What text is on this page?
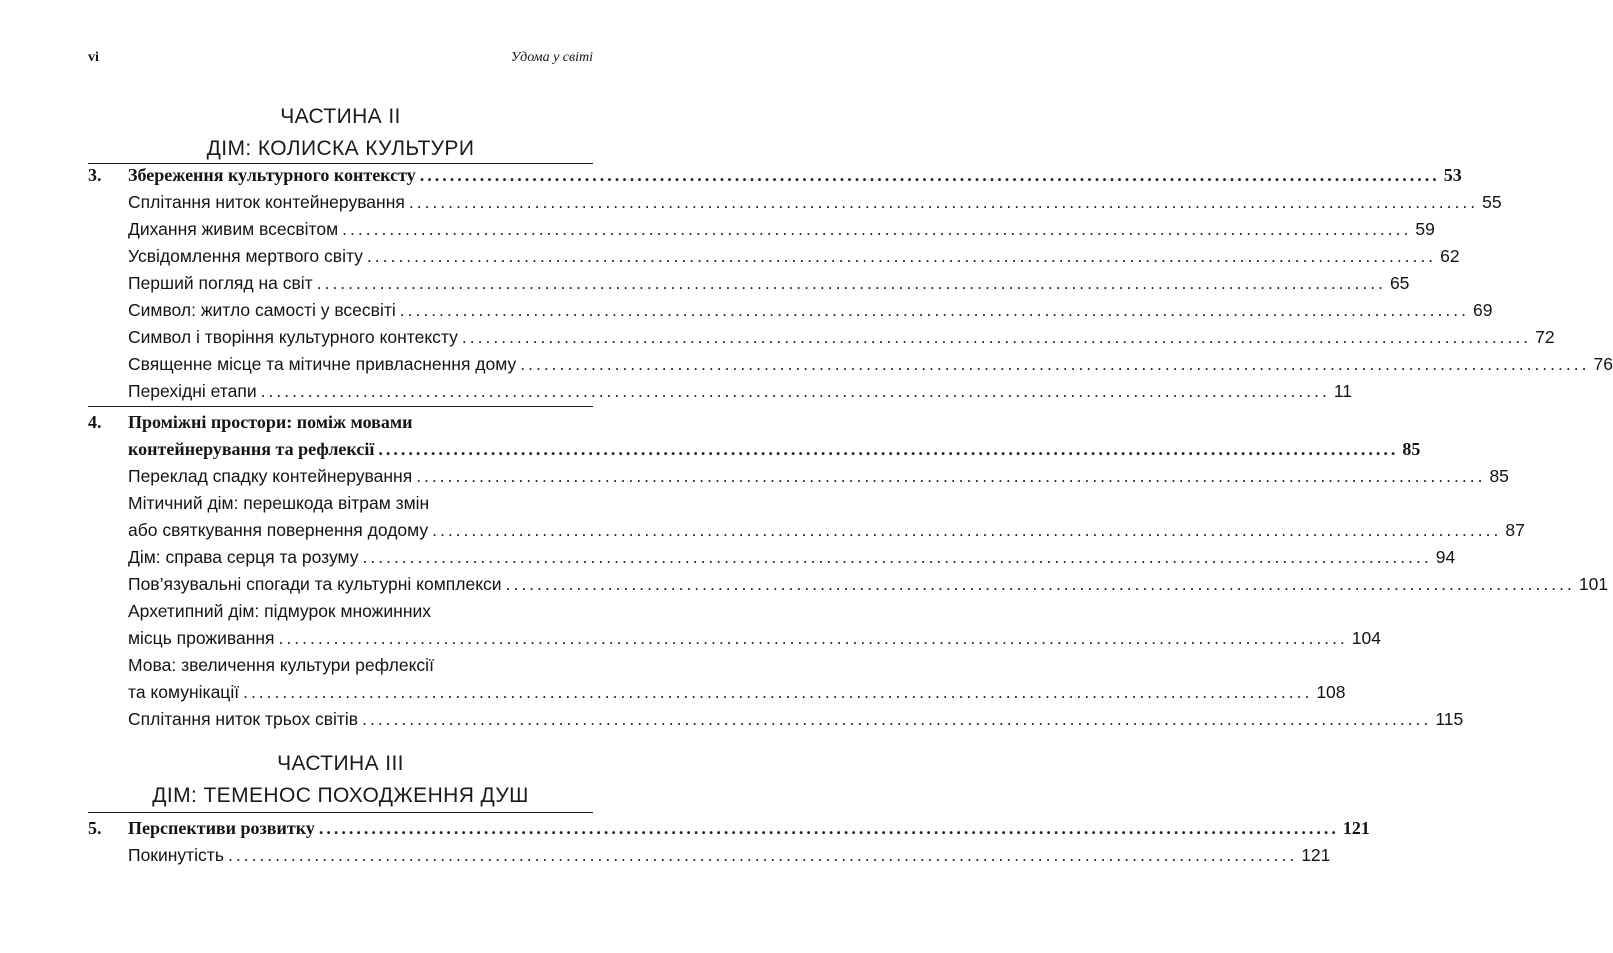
vi	Удома у світі
ЧАСТИНА ІІ
ДІМ: КОЛИСКА КУЛЬТУРИ
3. Збереження культурного контексту ........................................................................................................................................ 53
Сплітання ниток контейнерування ........................................................................................................................................ 55
Дихання живим всесвітом ........................................................................................................................................ 59
Усвідомлення мертвого світу ........................................................................................................................................ 62
Перший погляд на світ ........................................................................................................................................ 65
Символ: житло самості у всесвіті ........................................................................................................................................ 69
Символ і творіння культурного контексту ........................................................................................................................................ 72
Священне місце та мітичне привласнення дому ........................................................................................................................................ 76
Перехідні етапи ........................................................................................................................................ 11
4. Проміжні простори: поміж мовами
контейнерування та рефлексії ........................................................................................................................................ 85
Переклад спадку контейнерування ........................................................................................................................................ 85
Мітичний дім: перешкода вітрам змін
або святкування повернення додому ........................................................................................................................................ 87
Дім: справа серця та розуму ........................................................................................................................................ 94
Пов’язувальні спогади та культурні комплекси ........................................................................................................................................ 101
Архетипний дім: підмурок множинних
місць проживання ........................................................................................................................................ 104
Мова: звеличення культури рефлексії
та комунікації ........................................................................................................................................ 108
Сплітання ниток трьох світів ........................................................................................................................................ 115
ЧАСТИНА ІІІ
ДІМ: ТЕМЕНОС ПОХОДЖЕННЯ ДУШ
5. Перспективи розвитку ........................................................................................................................................ 121
Покинутість ........................................................................................................................................ 121
